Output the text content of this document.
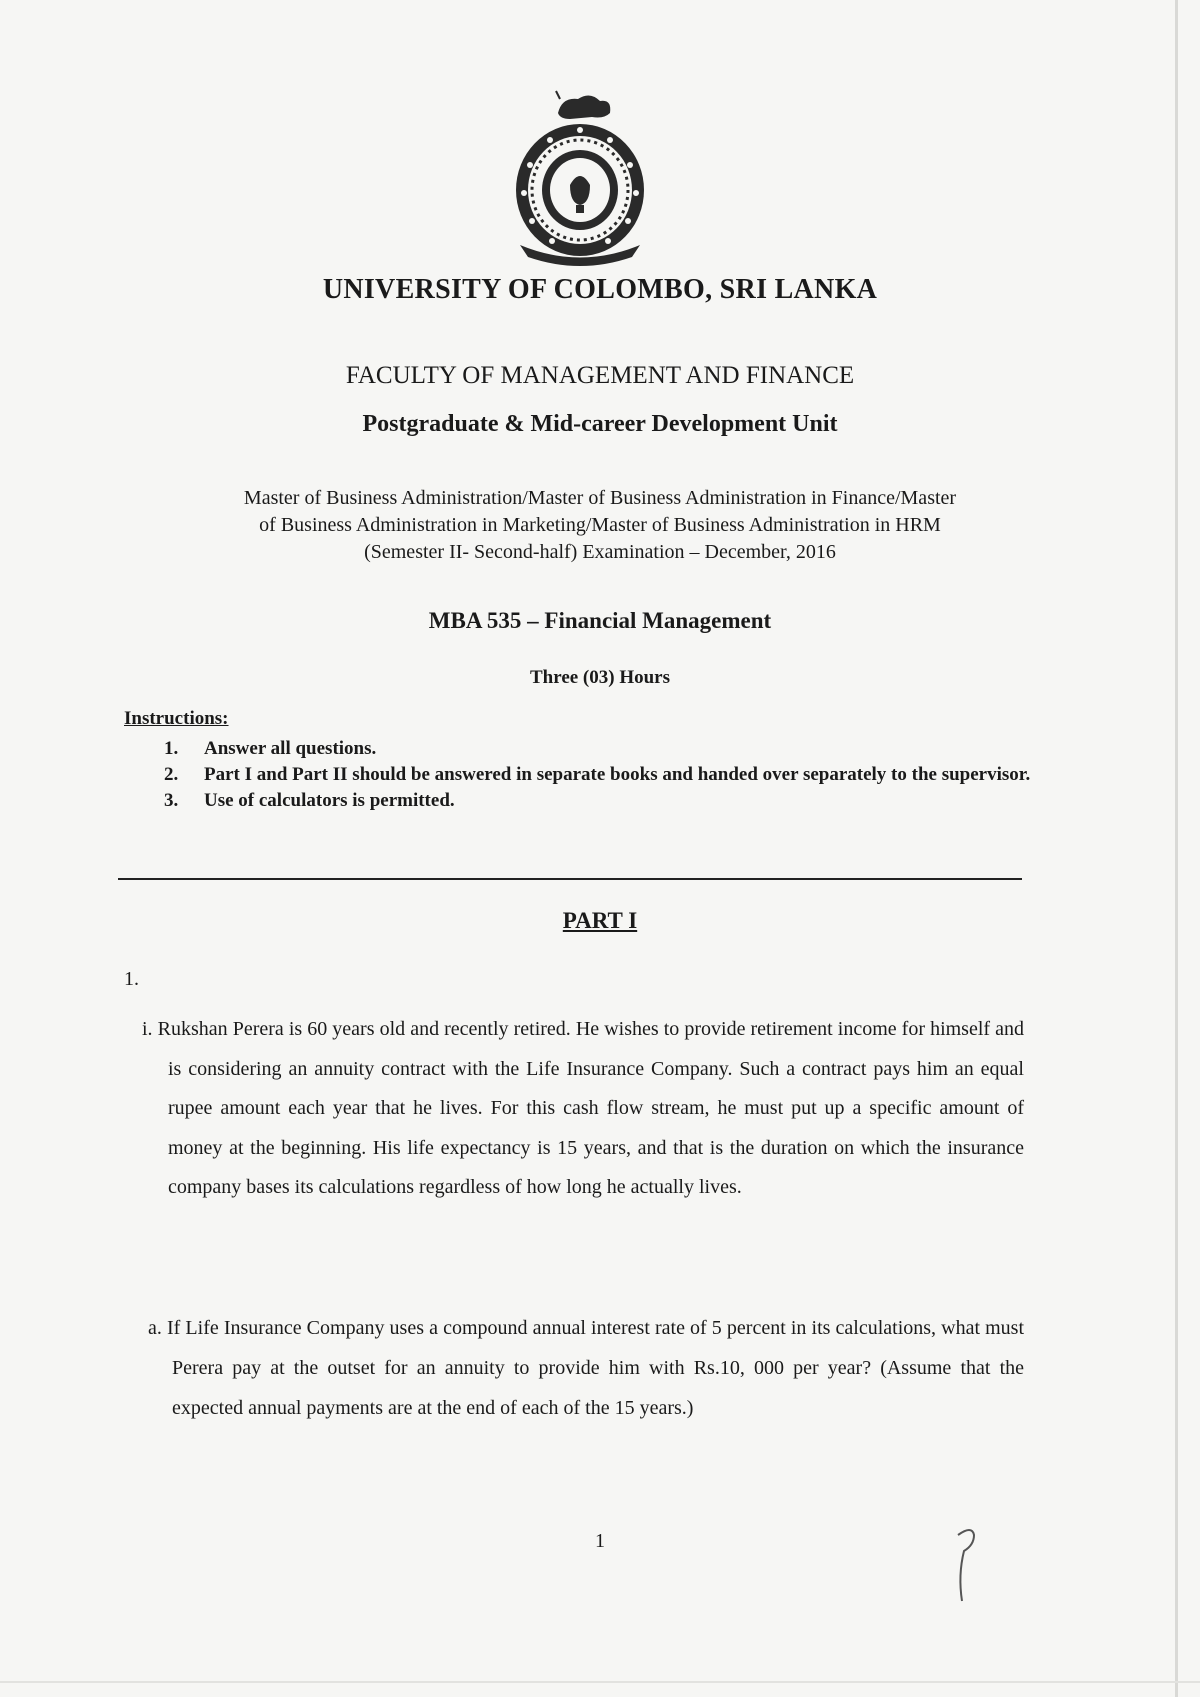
UNIVERSITY OF COLOMBO, SRI LANKA
FACULTY OF MANAGEMENT AND FINANCE
Postgraduate & Mid-career Development Unit
Master of Business Administration/Master of Business Administration in Finance/Master
of Business Administration in Marketing/Master of Business Administration in HRM
(Semester II- Second-half) Examination – December, 2016
MBA 535 – Financial Management
Three (03) Hours
Instructions:
1. Answer all questions.
2. Part I and Part II should be answered in separate books and handed over separately to the supervisor.
3. Use of calculators is permitted.
PART I
1.

i. Rukshan Perera is 60 years old and recently retired. He wishes to provide retirement income for himself and is considering an annuity contract with the Life Insurance Company. Such a contract pays him an equal rupee amount each year that he lives. For this cash flow stream, he must put up a specific amount of money at the beginning. His life expectancy is 15 years, and that is the duration on which the insurance company bases its calculations regardless of how long he actually lives.

a. If Life Insurance Company uses a compound annual interest rate of 5 percent in its calculations, what must Perera pay at the outset for an annuity to provide him with Rs.10, 000 per year? (Assume that the expected annual payments are at the end of each of the 15 years.)

1
